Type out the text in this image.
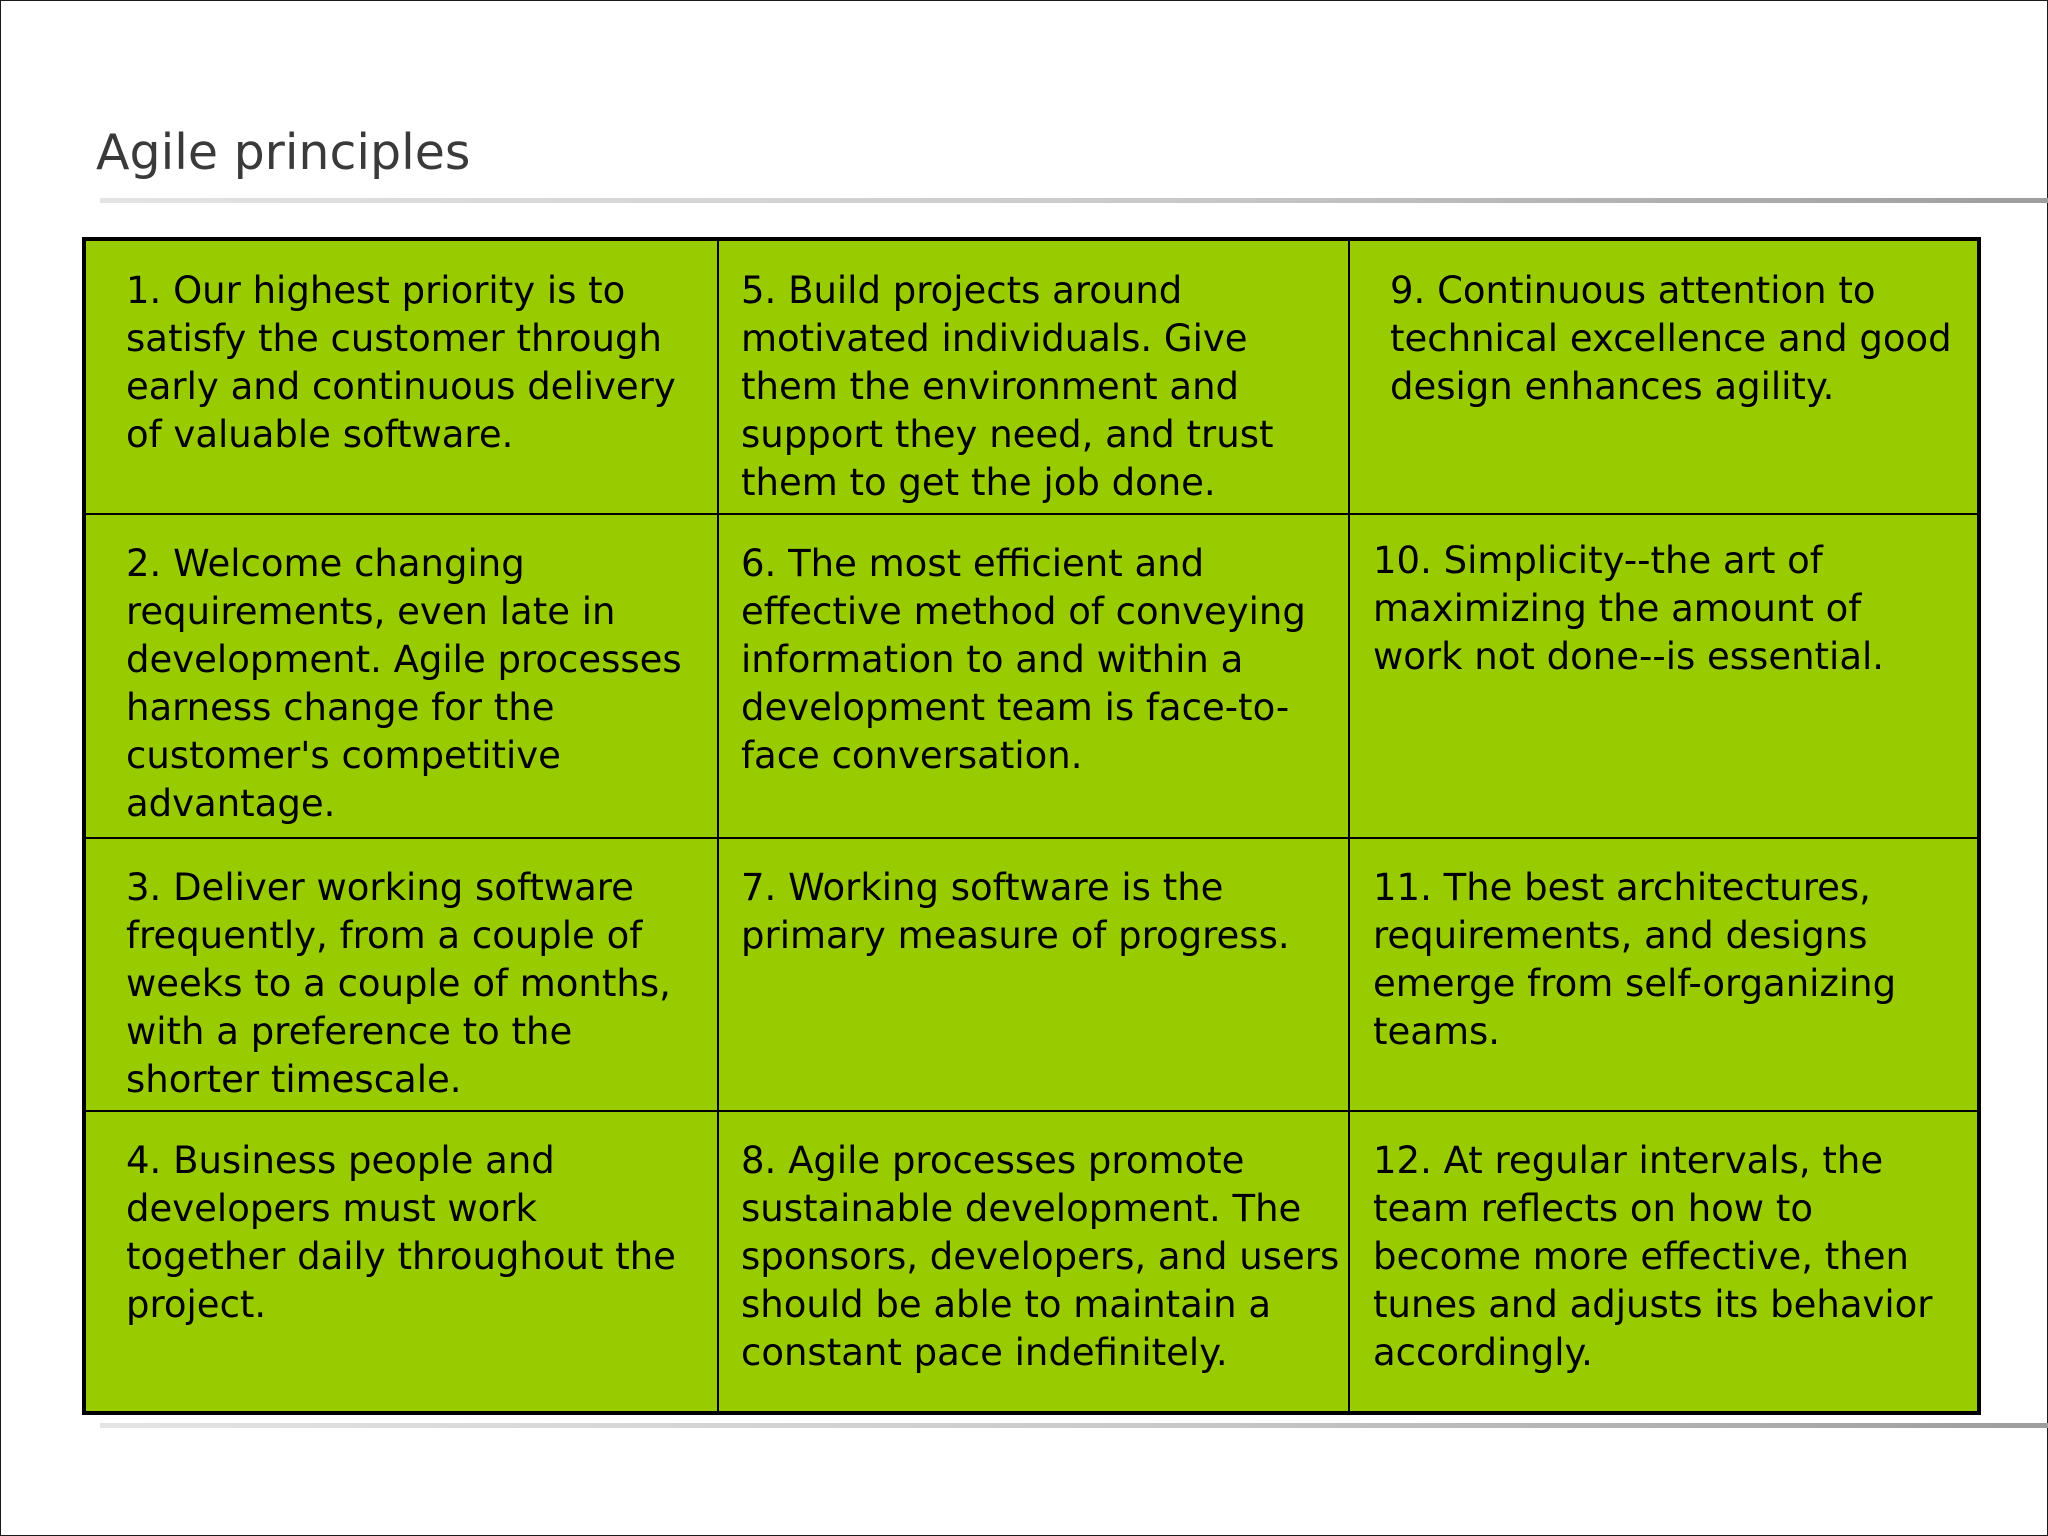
Agile principles
1. Our highest priority is to satisfy the customer through early and continuous delivery of valuable software.
2. Welcome changing requirements, even late in development. Agile processes harness change for the customer's competitive advantage.
3. Deliver working software frequently, from a couple of weeks to a couple of months, with a preference to the shorter timescale.
4. Business people and developers must work together daily throughout the project.
5. Build projects around motivated individuals. Give them the environment and support they need, and trust them to get the job done.
6. The most efficient and effective method of conveying information to and within a development team is face-to-face conversation.
7. Working software is the primary measure of progress.
8. Agile processes promote sustainable development. The sponsors, developers, and users should be able to maintain a constant pace indefinitely.
9. Continuous attention to technical excellence and good design enhances agility.
10. Simplicity--the art of maximizing the amount of work not done--is essential.
11. The best architectures, requirements, and designs emerge from self-organizing teams.
12. At regular intervals, the team reflects on how to become more effective, then tunes and adjusts its behavior accordingly.
